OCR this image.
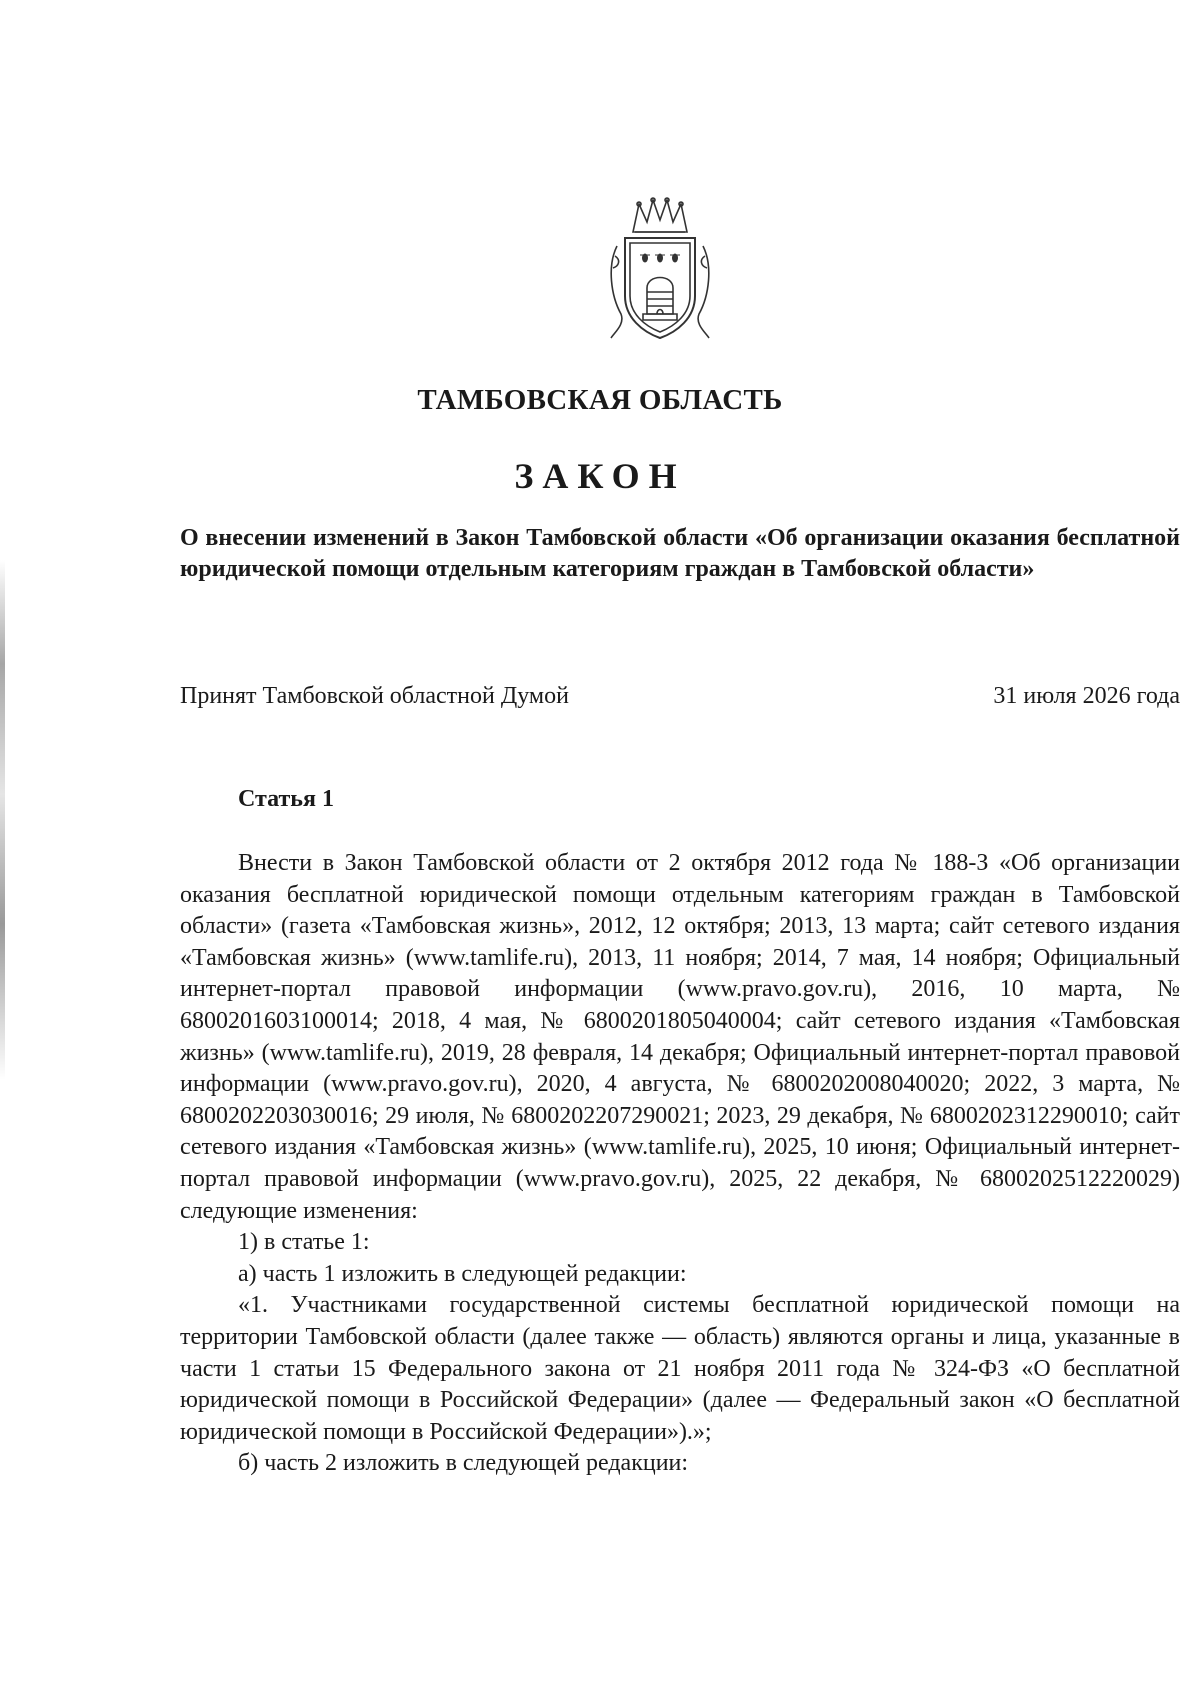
ТАМБОВСКАЯ ОБЛАСТЬ
ЗАКОН
О внесении изменений в Закон Тамбовской области «Об организации оказания бесплатной юридической помощи отдельным категориям граждан в Тамбовской области»
Принят Тамбовской областной Думой	31 июля 2026 года
Статья 1

Внести в Закон Тамбовской области от 2 октября 2012 года № 188-З «Об организации оказания бесплатной юридической помощи отдельным категориям граждан в Тамбовской области» (газета «Тамбовская жизнь», 2012, 12 октября; 2013, 13 марта; сайт сетевого издания «Тамбовская жизнь» (www.tamlife.ru), 2013, 11 ноября; 2014, 7 мая, 14 ноября; Официальный интернет-портал правовой информации (www.pravo.gov.ru), 2016, 10 марта, № 6800201603100014; 2018, 4 мая, № 6800201805040004; сайт сетевого издания «Тамбовская жизнь» (www.tamlife.ru), 2019, 28 февраля, 14 декабря; Официальный интернет-портал правовой информации (www.pravo.gov.ru), 2020, 4 августа, № 6800202008040020; 2022, 3 марта, № 6800202203030016; 29 июля, № 6800202207290021; 2023, 29 декабря, № 6800202312290010; сайт сетевого издания «Тамбовская жизнь» (www.tamlife.ru), 2025, 10 июня; Официальный интернет-портал правовой информации (www.pravo.gov.ru), 2025, 22 декабря, № 6800202512220029) следующие изменения:

1) в статье 1:

а) часть 1 изложить в следующей редакции:

«1. Участниками государственной системы бесплатной юридической помощи на территории Тамбовской области (далее также — область) являются органы и лица, указанные в части 1 статьи 15 Федерального закона от 21 ноября 2011 года № 324-ФЗ «О бесплатной юридической помощи в Российской Федерации» (далее — Федеральный закон «О бесплатной юридической помощи в Российской Федерации»).»;

б) часть 2 изложить в следующей редакции:
